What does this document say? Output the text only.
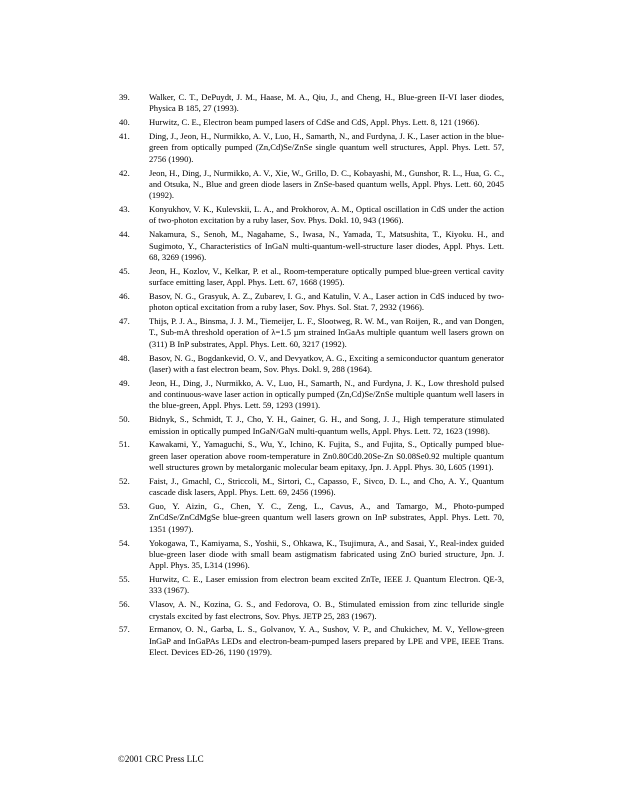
39.	Walker, C. T., DePuydt, J. M., Haase, M. A., Qiu, J., and Cheng, H., Blue-green II-VI laser diodes, Physica B 185, 27 (1993).
40.	Hurwitz, C. E., Electron beam pumped lasers of CdSe and CdS, Appl. Phys. Lett. 8, 121 (1966).
41.	Ding, J., Jeon, H., Nurmikko, A. V., Luo, H., Samarth, N., and Furdyna, J. K., Laser action in the blue-green from optically pumped (Zn,Cd)Se/ZnSe single quantum well structures, Appl. Phys. Lett. 57, 2756 (1990).
42.	Jeon, H., Ding, J., Nurmikko, A. V., Xie, W., Grillo, D. C., Kobayashi, M., Gunshor, R. L., Hua, G. C., and Otsuka, N., Blue and green diode lasers in ZnSe-based quantum wells, Appl. Phys. Lett. 60, 2045 (1992).
43.	Konyukhov, V. K., Kulevskii, L. A., and Prokhorov, A. M., Optical oscillation in CdS under the action of two-photon excitation by a ruby laser, Sov. Phys. Dokl. 10, 943 (1966).
44.	Nakamura, S., Senoh, M., Nagahame, S., Iwasa, N., Yamada, T., Matsushita, T., Kiyoku. H., and Sugimoto, Y., Characteristics of InGaN multi-quantum-well-structure laser diodes, Appl. Phys. Lett. 68, 3269 (1996).
45.	Jeon, H., Kozlov, V., Kelkar, P. et al., Room-temperature optically pumped blue-green vertical cavity surface emitting laser, Appl. Phys. Lett. 67, 1668 (1995).
46.	Basov, N. G., Grasyuk, A. Z., Zubarev, I. G., and Katulin, V. A., Laser action in CdS induced by two-photon optical excitation from a ruby laser, Sov. Phys. Sol. Stat. 7, 2932 (1966).
47.	Thijs, P. J. A., Binsma, J. J. M., Tiemeijer, L. F., Slootweg, R. W. M., van Roijen, R., and van Dongen, T., Sub-mA threshold operation of λ=1.5 µm strained InGaAs multiple quantum well lasers grown on (311) B InP substrates, Appl. Phys. Lett. 60, 3217 (1992).
48.	Basov, N. G., Bogdankevid, O. V., and Devyatkov, A. G., Exciting a semiconductor quantum generator (laser) with a fast electron beam, Sov. Phys. Dokl. 9, 288 (1964).
49.	Jeon, H., Ding, J., Nurmikko, A. V., Luo, H., Samarth, N., and Furdyna, J. K., Low threshold pulsed and continuous-wave laser action in optically pumped (Zn,Cd)Se/ZnSe multiple quantum well lasers in the blue-green, Appl. Phys. Lett. 59, 1293 (1991).
50.	Bidnyk, S., Schmidt, T. J., Cho, Y. H., Gainer, G. H., and Song, J. J., High temperature stimulated emission in optically pumped InGaN/GaN multi-quantum wells, Appl. Phys. Lett. 72, 1623 (1998).
51.	Kawakami, Y., Yamaguchi, S., Wu, Y., Ichino, K. Fujita, S., and Fujita, S., Optically pumped blue-green laser operation above room-temperature in Zn0.80Cd0.20Se-Zn S0.08Se0.92 multiple quantum well structures grown by metalorganic molecular beam epitaxy, Jpn. J. Appl. Phys. 30, L605 (1991).
52.	Faist, J., Gmachl, C., Striccoli, M., Sirtori, C., Capasso, F., Sivco, D. L., and Cho, A. Y., Quantum cascade disk lasers, Appl. Phys. Lett. 69, 2456 (1996).
53.	Guo, Y. Aizin, G., Chen, Y. C., Zeng, L., Cavus, A., and Tamargo, M., Photo-pumped ZnCdSe/ZnCdMgSe blue-green quantum well lasers grown on InP substrates, Appl. Phys. Lett. 70, 1351 (1997).
54.	Yokogawa, T., Kamiyama, S., Yoshii, S., Ohkawa, K., Tsujimura, A., and Sasai, Y., Real-index guided blue-green laser diode with small beam astigmatism fabricated using ZnO buried structure, Jpn. J. Appl. Phys. 35, L314 (1996).
55.	Hurwitz, C. E., Laser emission from electron beam excited ZnTe, IEEE J. Quantum Electron. QE-3, 333 (1967).
56.	Vlasov, A. N., Kozina, G. S., and Fedorova, O. B., Stimulated emission from zinc telluride single crystals excited by fast electrons, Sov. Phys. JETP 25, 283 (1967).
57.	Ermanov, O. N., Garba, L. S., Golvanov, Y. A., Sushov, V. P., and Chukichev, M. V., Yellow-green InGaP and InGaPAs LEDs and electron-beam-pumped lasers prepared by LPE and VPE, IEEE Trans. Elect. Devices ED-26, 1190 (1979).
©2001 CRC Press LLC
